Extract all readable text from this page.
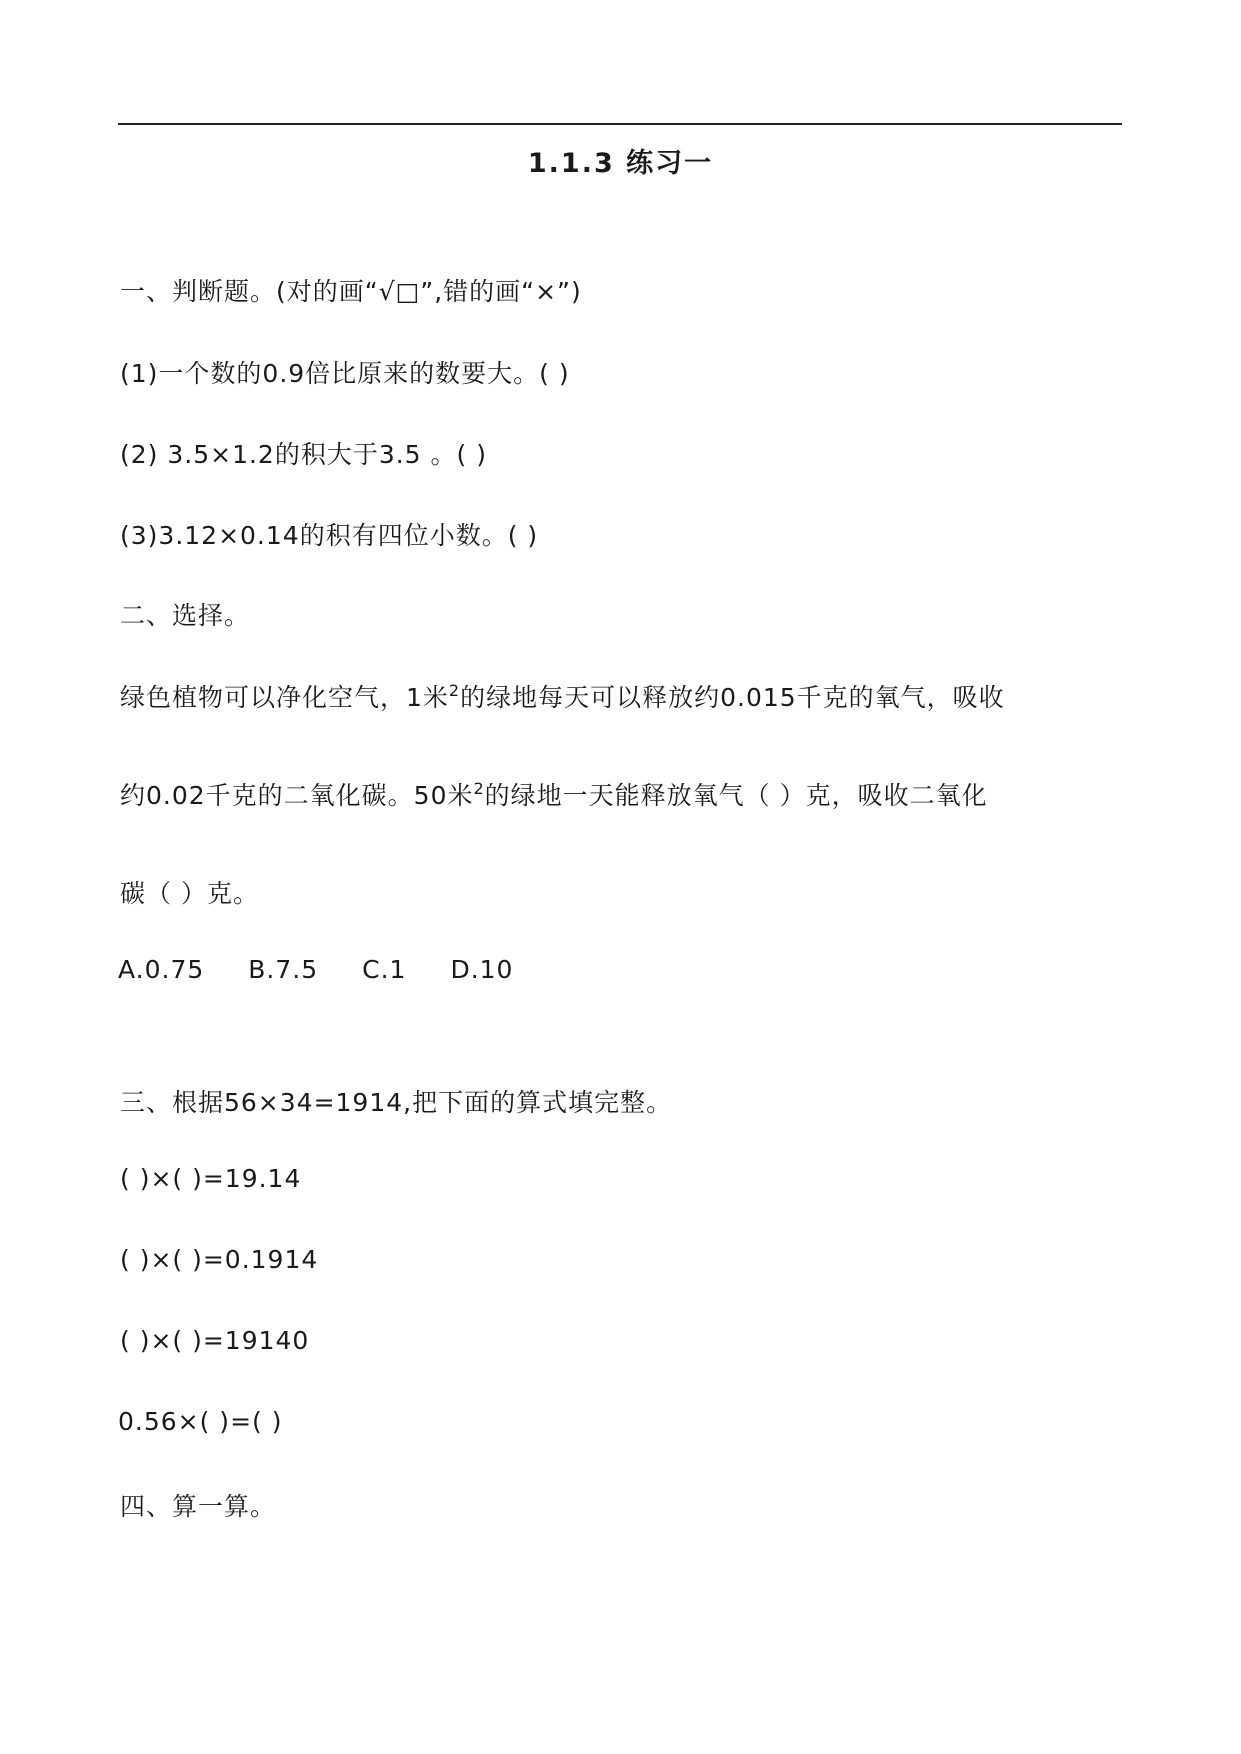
1.1.3 练习一
一、判断题。(对的画“√□”,错的画“×”)
(1)一个数的0.9倍比原来的数要大。( )
(2) 3.5×1.2的积大于3.5 。( )
(3)3.12×0.14的积有四位小数。( )
二、选择。
绿色植物可以净化空气，1米$^2$的绿地每天可以释放约0.015千克的氧气，吸收
约0.02千克的二氧化碳。50米$^2$的绿地一天能释放氧气（ ）克，吸收二氧化
碳（ ）克。
A.0.75 B.7.5 C.1 D.10
三、根据56×34=1914,把下面的算式填完整。
( )×( )=19.14
( )×( )=0.1914
( )×( )=19140
0.56×( )=( )
四、算一算。
